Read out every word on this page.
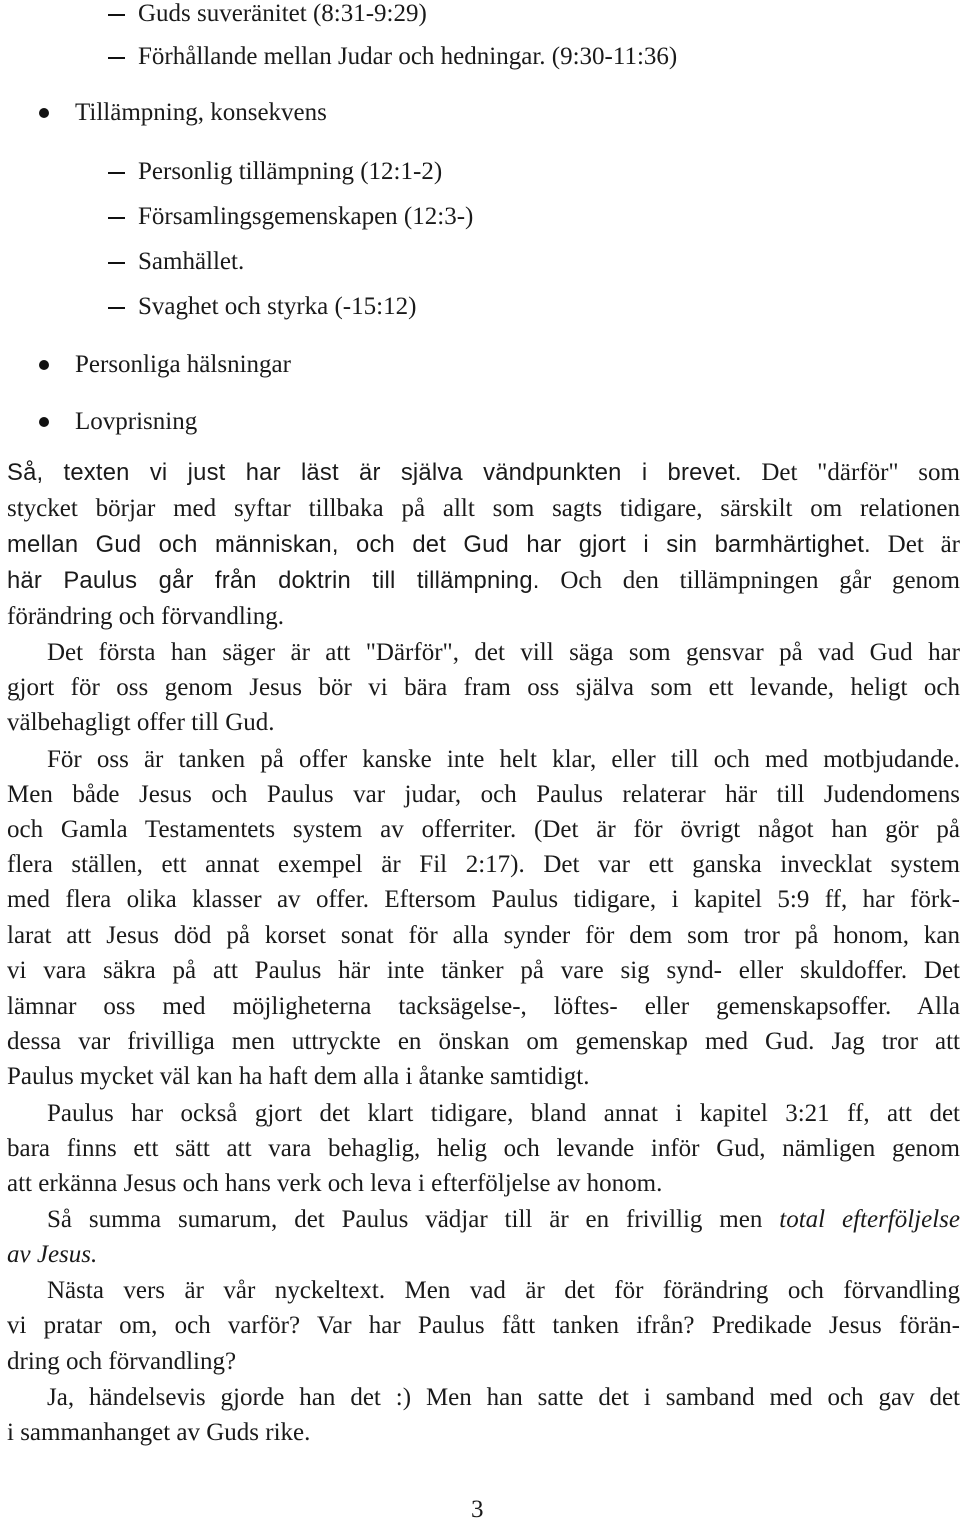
Guds suveränitet (8:31-9:29)
Förhållande mellan Judar och hedningar. (9:30-11:36)
Tillämpning, konsekvens
Personlig tillämpning (12:1-2)
Församlingsgemenskapen (12:3-)
Samhället.
Svaghet och styrka (-15:12)
Personliga hälsningar
Lovprisning
Så, texten vi just har läst är själva vändpunkten i brevet. Det "därför" som
stycket börjar med syftar tillbaka på allt som sagts tidigare, särskilt om relationen
mellan Gud och människan, och det Gud har gjort i sin barmhärtighet. Det är
här Paulus går från doktrin till tillämpning. Och den tillämpningen går genom
förändring och förvandling.
Det första han säger är att "Därför", det vill säga som gensvar på vad Gud har
gjort för oss genom Jesus bör vi bära fram oss själva som ett levande, heligt och
välbehagligt offer till Gud.
För oss är tanken på offer kanske inte helt klar, eller till och med motbjudande.
Men både Jesus och Paulus var judar, och Paulus relaterar här till Judendomens
och Gamla Testamentets system av offerriter. (Det är för övrigt något han gör på
flera ställen, ett annat exempel är Fil 2:17). Det var ett ganska invecklat system
med flera olika klasser av offer. Eftersom Paulus tidigare, i kapitel 5:9 ff, har förk-
larat att Jesus död på korset sonat för alla synder för dem som tror på honom, kan
vi vara säkra på att Paulus här inte tänker på vare sig synd- eller skuldoffer. Det
lämnar oss med möjligheterna tacksägelse-, löftes- eller gemenskapsoffer. Alla
dessa var frivilliga men uttryckte en önskan om gemenskap med Gud. Jag tror att
Paulus mycket väl kan ha haft dem alla i åtanke samtidigt.
Paulus har också gjort det klart tidigare, bland annat i kapitel 3:21 ff, att det
bara finns ett sätt att vara behaglig, helig och levande inför Gud, nämligen genom
att erkänna Jesus och hans verk och leva i efterföljelse av honom.
Så summa sumarum, det Paulus vädjar till är en frivillig men total efterföljelse
av Jesus.
Nästa vers är vår nyckeltext. Men vad är det för förändring och förvandling
vi pratar om, och varför? Var har Paulus fått tanken ifrån? Predikade Jesus förän-
dring och förvandling?
Ja, händelsevis gjorde han det :) Men han satte det i samband med och gav det
i sammanhanget av Guds rike.
3
